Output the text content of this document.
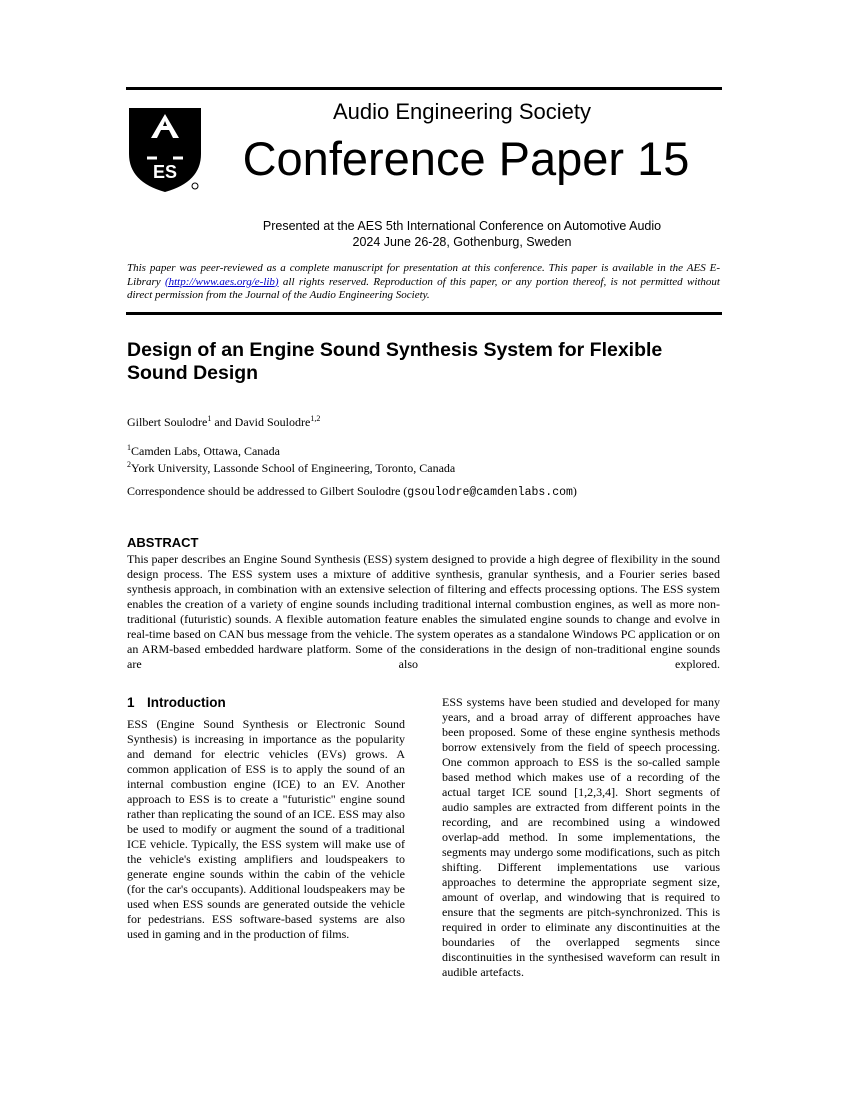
ES
Audio Engineering Society
Conference Paper 15
Presented at the AES 5th International Conference on Automotive Audio
2024 June 26-28, Gothenburg, Sweden
This paper was peer-reviewed as a complete manuscript for presentation at this conference. This paper is available in the AES E-Library (http://www.aes.org/e-lib) all rights reserved. Reproduction of this paper, or any portion thereof, is not permitted without direct permission from the Journal of the Audio Engineering Society.
Design of an Engine Sound Synthesis System for Flexible Sound Design
Gilbert Soulodre$^1$ and David Soulodre$^{1,2}$
$^1$Camden Labs, Ottawa, Canada
$^2$York University, Lassonde School of Engineering, Toronto, Canada
Correspondence should be addressed to Gilbert Soulodre (gsoulodre@camdenlabs.com)
ABSTRACT
This paper describes an Engine Sound Synthesis (ESS) system designed to provide a high degree of flexibility in the sound design process. The ESS system uses a mixture of additive synthesis, granular synthesis, and a Fourier series based synthesis approach, in combination with an extensive selection of filtering and effects processing options. The ESS system enables the creation of a variety of engine sounds including traditional internal combustion engines, as well as more non-traditional (futuristic) sounds. A flexible automation feature enables the simulated engine sounds to change and evolve in real-time based on CAN bus message from the vehicle. The system operates as a standalone Windows PC application or on an ARM-based embedded hardware platform. Some of the considerations in the design of non-traditional engine sounds are also explored.
1 Introduction

ESS (Engine Sound Synthesis or Electronic Sound Synthesis) is increasing in importance as the popularity and demand for electric vehicles (EVs) grows. A common application of ESS is to apply the sound of an internal combustion engine (ICE) to an EV. Another approach to ESS is to create a "futuristic" engine sound rather than replicating the sound of an ICE. ESS may also be used to modify or augment the sound of a traditional ICE vehicle. Typically, the ESS system will make use of the vehicle's existing amplifiers and loudspeakers to generate engine sounds within the cabin of the vehicle (for the car's occupants). Additional loudspeakers may be used when ESS sounds are generated outside the vehicle for pedestrians. ESS software-based systems are also used in gaming and in the production of films.

ESS systems have been studied and developed for many years, and a broad array of different approaches have been proposed. Some of these engine synthesis methods borrow extensively from the field of speech processing. One common approach to ESS is the so-called sample based method which makes use of a recording of the actual target ICE sound [1,2,3,4]. Short segments of audio samples are extracted from different points in the recording, and are recombined using a windowed overlap-add method. In some implementations, the segments may undergo some modifications, such as pitch shifting. Different implementations use various approaches to determine the appropriate segment size, amount of overlap, and windowing that is required to ensure that the segments are pitch-synchronized. This is required in order to eliminate any discontinuities at the boundaries of the overlapped segments since discontinuities in the synthesised waveform can result in audible artefacts.
